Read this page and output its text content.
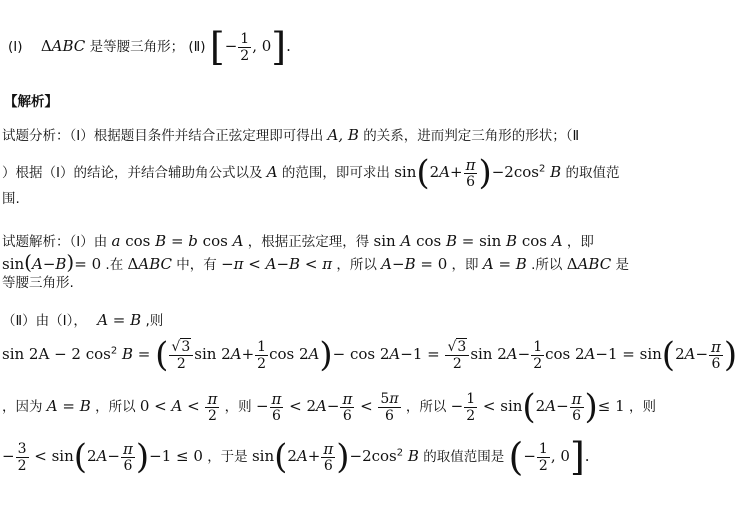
(Ⅰ) ΔABC 是等腰三角形； (Ⅱ) [− $\frac{1}{2}$ , 0].
【解析】
试题分析：（Ⅰ）根据题目条件并结合正弦定理即可得出 A, B 的关系，进而判定三角形的形状；（Ⅱ
）根据（Ⅰ）的结论，并结合辅助角公式以及 A 的范围，即可求出 $\sin(2A+ \frac{\pi}{6} )-2\cos^2$ B 的取值范
围.
试题解析：（Ⅰ）由 a cos B = b cos A ，根据正弦定理，得 sin A cos B = sin B cos A ，即
sin(A−B)= 0 .在 ΔABC 中，有 −π < A−B < π ，所以 A−B = 0 ，即 A = B .所以 ΔABC 是
等腰三角形.
（Ⅱ）由（Ⅰ）， A = B ,则
sin 2A − 2 $\cos^2 B$ = ( $\frac{√3}{2}$ $\sin 2A+ \frac{1}{2}$ $\cos 2A)- \cos 2A-1 = \frac{√3}{2}$ $\sin 2A- \frac{1}{2}$ $\cos 2A-1 = \sin(2A- \frac{\pi}{6}$ )
，因为 A = B ，所以 $0 < A < \frac{\pi}{2}$ ，则 − $\frac{\pi}{6} < 2A- \frac{\pi}{6} < \frac{5\pi}{6}$ ，所以 − $\frac{1}{2} < \sin(2A- \frac{\pi}{6}$ )≤ 1 ，则
− $\frac{3}{2} < \sin(2A- \frac{\pi}{6} )-1 \le 0$ ，于是 $\sin(2A+ \frac{\pi}{6} )-2\cos^2$ B 的取值范围是 (− $\frac{1}{2}$ , 0].
